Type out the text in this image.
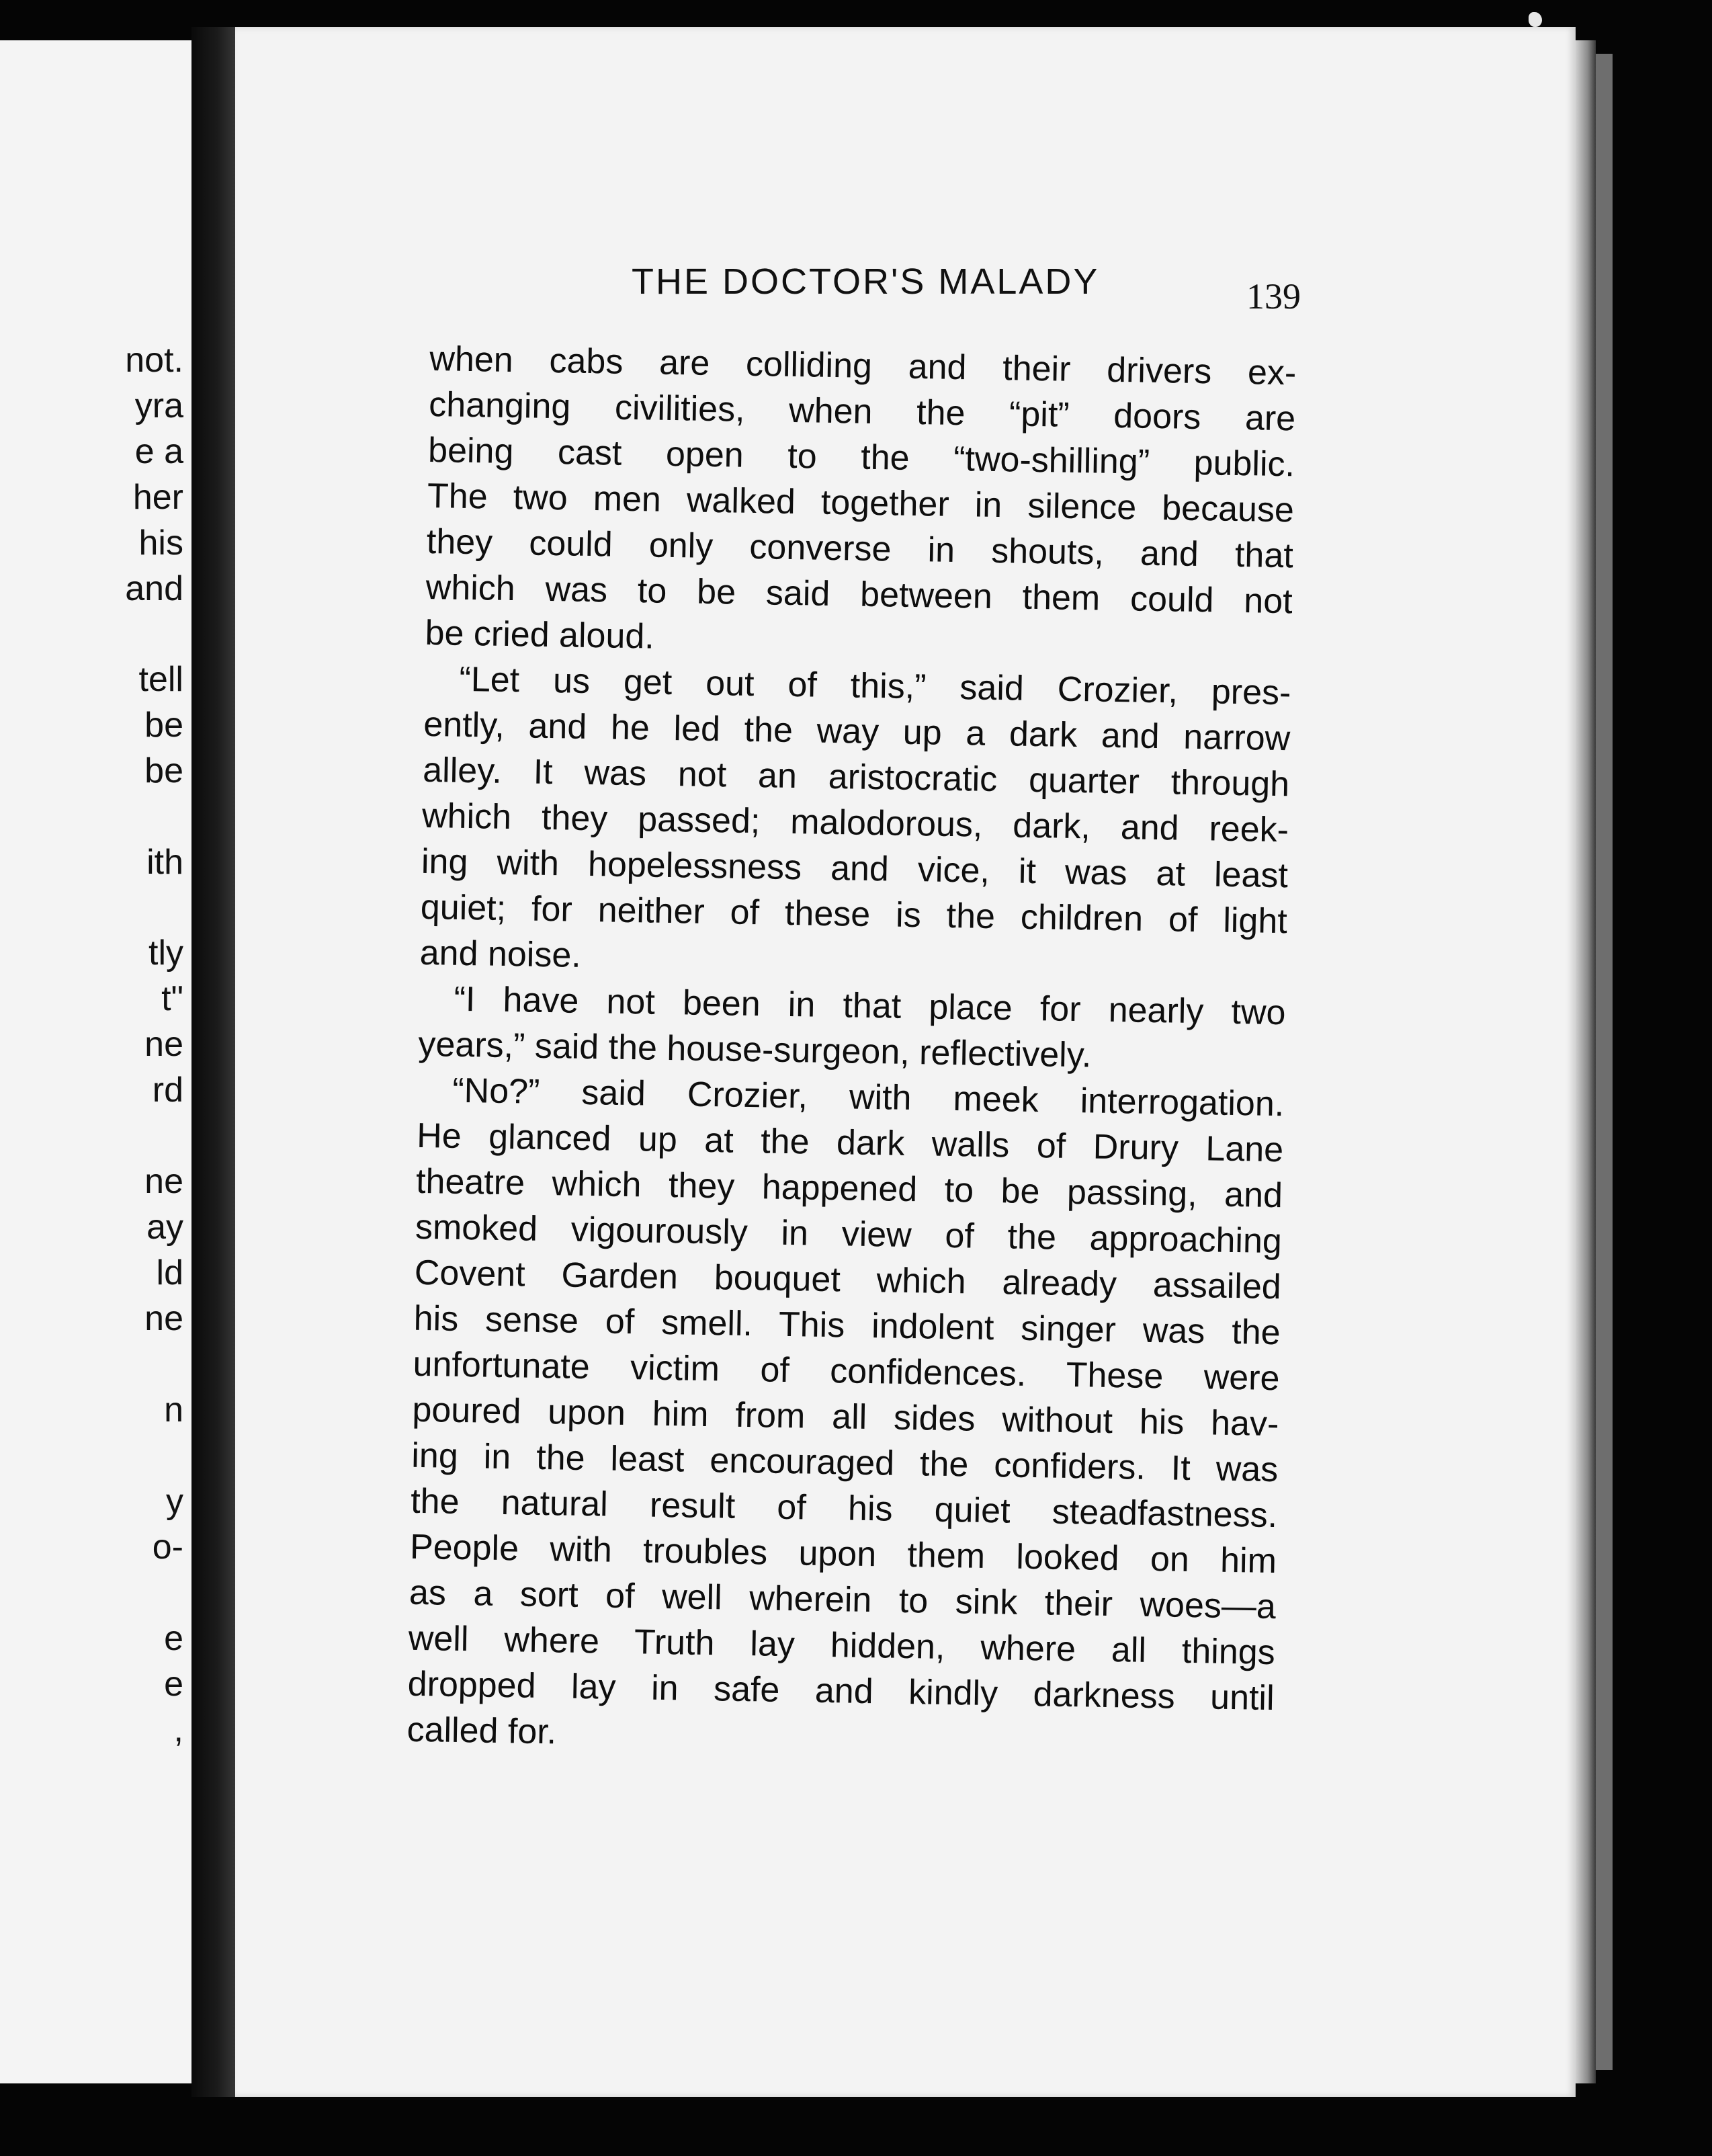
not.
yra
e a
her
his
and
tell
be
be
ith
tly
t"
ne
rd
ne
ay
ld
ne
n
y
o-
e
e
,
THE DOCTOR'S MALADY	139
when cabs are colliding and their drivers ex-
changing civilities, when the “pit” doors are
being cast open to the “two-shilling” public.
The two men walked together in silence because
they could only converse in shouts, and that
which was to be said between them could not
be cried aloud.
“Let us get out of this,” said Crozier, pres-
ently, and he led the way up a dark and narrow
alley. It was not an aristocratic quarter through
which they passed; malodorous, dark, and reek-
ing with hopelessness and vice, it was at least
quiet; for neither of these is the children of light
and noise.
“I have not been in that place for nearly two
years,” said the house-surgeon, reflectively.
“No?” said Crozier, with meek interrogation.
He glanced up at the dark walls of Drury Lane
theatre which they happened to be passing, and
smoked vigourously in view of the approaching
Covent Garden bouquet which already assailed
his sense of smell. This indolent singer was the
unfortunate victim of confidences. These were
poured upon him from all sides without his hav-
ing in the least encouraged the confiders. It was
the natural result of his quiet steadfastness.
People with troubles upon them looked on him
as a sort of well wherein to sink their woes—a
well where Truth lay hidden, where all things
dropped lay in safe and kindly darkness until
called for.
